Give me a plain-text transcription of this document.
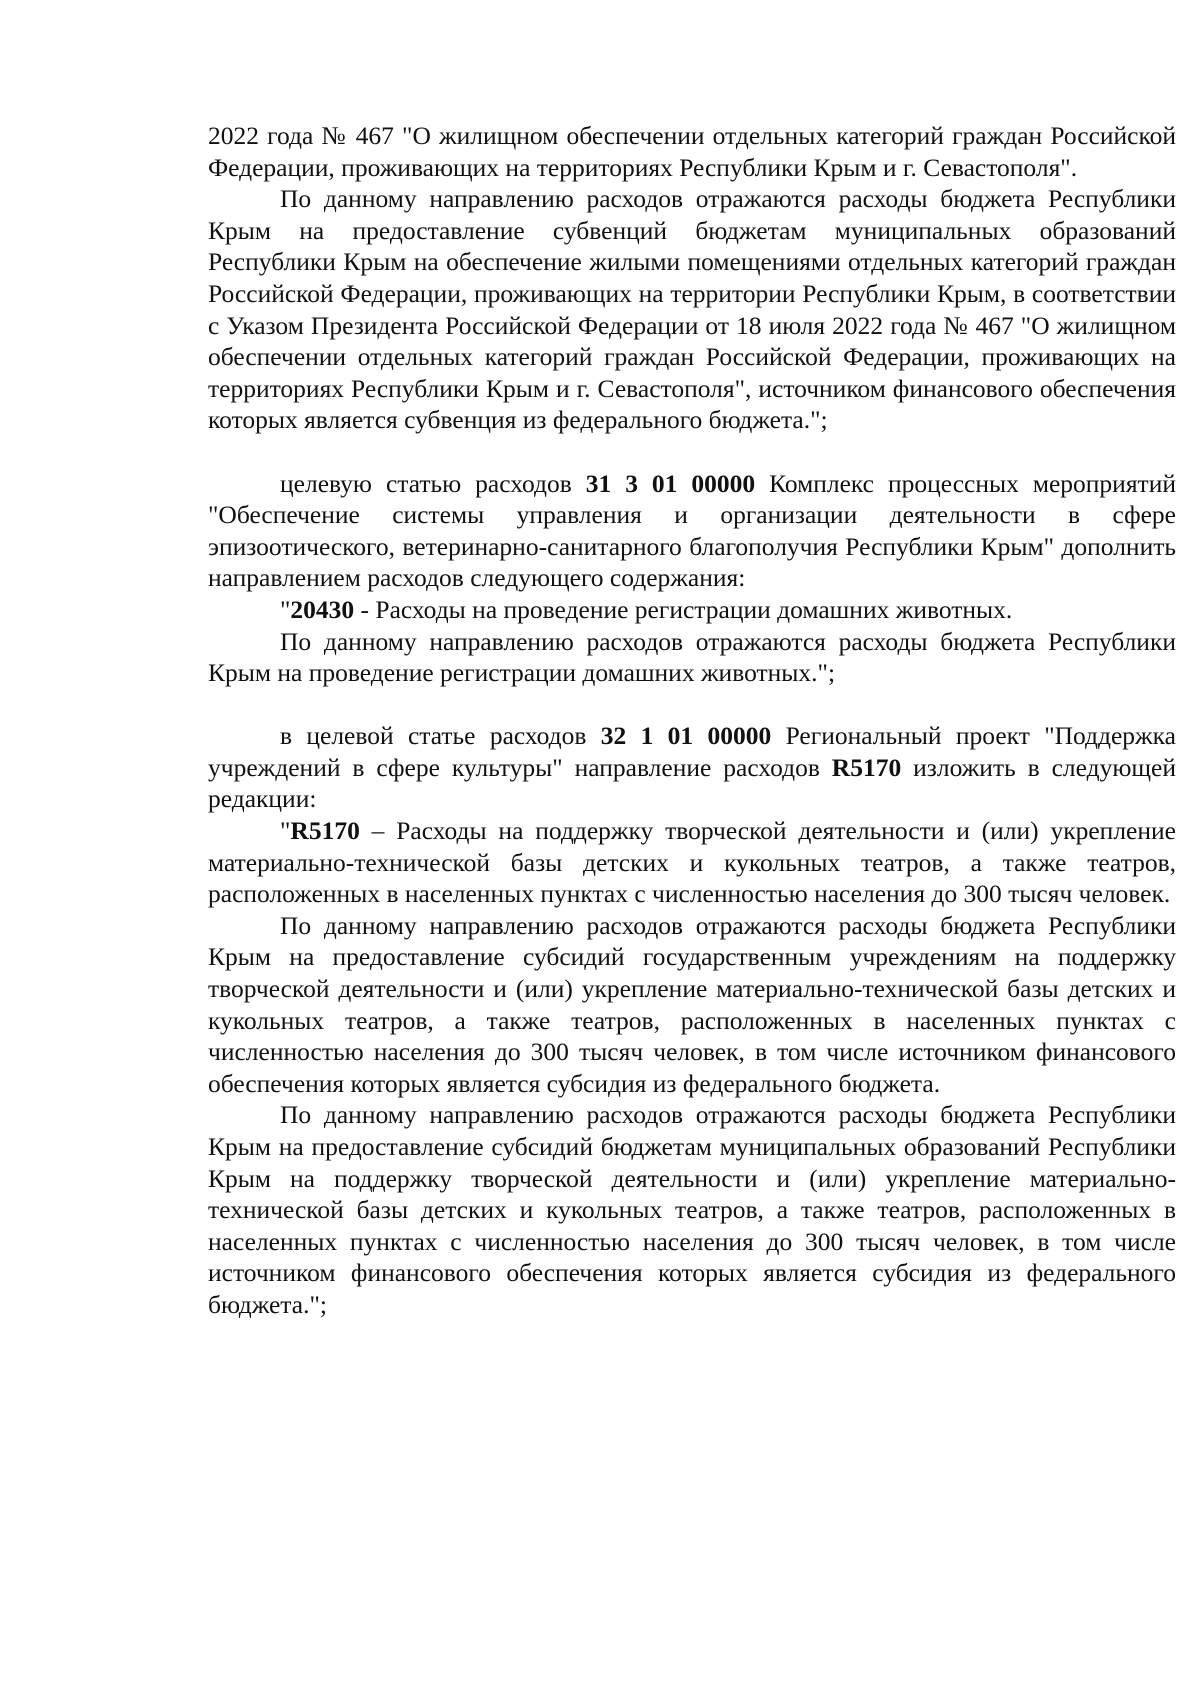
2022 года № 467 "О жилищном обеспечении отдельных категорий граждан Российской Федерации, проживающих на территориях Республики Крым и г. Севастополя".

По данному направлению расходов отражаются расходы бюджета Республики Крым на предоставление субвенций бюджетам муниципальных образований Республики Крым на обеспечение жилыми помещениями отдельных категорий граждан Российской Федерации, проживающих на территории Республики Крым, в соответствии с Указом Президента Российской Федерации от 18 июля 2022 года № 467 "О жилищном обеспечении отдельных категорий граждан Российской Федерации, проживающих на территориях Республики Крым и г. Севастополя", источником финансового обеспечения которых является субвенция из федерального бюджета.";

целевую статью расходов 31 3 01 00000 Комплекс процессных мероприятий "Обеспечение системы управления и организации деятельности в сфере эпизоотического, ветеринарно-санитарного благополучия Республики Крым" дополнить направлением расходов следующего содержания:

"20430 - Расходы на проведение регистрации домашних животных.

По данному направлению расходов отражаются расходы бюджета Республики Крым на проведение регистрации домашних животных.";

в целевой статье расходов 32 1 01 00000 Региональный проект "Поддержка учреждений в сфере культуры" направление расходов R5170 изложить в следующей редакции:

"R5170 – Расходы на поддержку творческой деятельности и (или) укрепление материально-технической базы детских и кукольных театров, а также театров, расположенных в населенных пунктах с численностью населения до 300 тысяч человек.

По данному направлению расходов отражаются расходы бюджета Республики Крым на предоставление субсидий государственным учреждениям на поддержку творческой деятельности и (или) укрепление материально-технической базы детских и кукольных театров, а также театров, расположенных в населенных пунктах с численностью населения до 300 тысяч человек, в том числе источником финансового обеспечения которых является субсидия из федерального бюджета.

По данному направлению расходов отражаются расходы бюджета Республики Крым на предоставление субсидий бюджетам муниципальных образований Республики Крым на поддержку творческой деятельности и (или) укрепление материально-технической базы детских и кукольных театров, а также театров, расположенных в населенных пунктах с численностью населения до 300 тысяч человек, в том числе источником финансового обеспечения которых является субсидия из федерального бюджета.";
